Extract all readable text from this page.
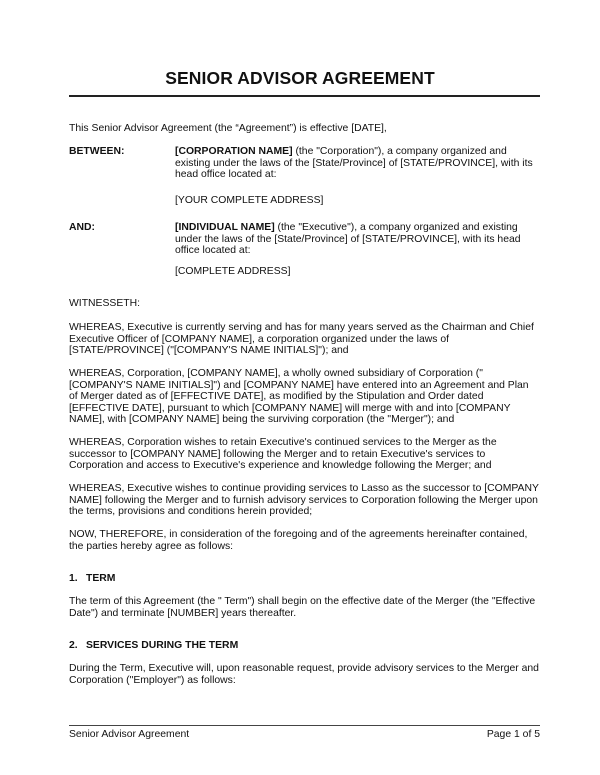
SENIOR ADVISOR AGREEMENT
This Senior Advisor Agreement (the “Agreement”) is effective [DATE],
BETWEEN:	[CORPORATION NAME] (the "Corporation"), a company organized and existing under the laws of the [State/Province] of [STATE/PROVINCE], with its head office located at:
[YOUR COMPLETE ADDRESS]
AND:	[INDIVIDUAL NAME] (the "Executive"), a company organized and existing under the laws of the [State/Province] of [STATE/PROVINCE], with its head office located at:
[COMPLETE ADDRESS]
WITNESSETH:
WHEREAS, Executive is currently serving and has for many years served as the Chairman and Chief Executive Officer of [COMPANY NAME], a corporation organized under the laws of [STATE/PROVINCE] ("[COMPANY'S NAME INITIALS]"); and
WHEREAS, Corporation, [COMPANY NAME], a wholly owned subsidiary of Corporation ("[COMPANY'S NAME INITIALS]") and [COMPANY NAME] have entered into an Agreement and Plan of Merger dated as of [EFFECTIVE DATE], as modified by the Stipulation and Order dated [EFFECTIVE DATE], pursuant to which [COMPANY NAME] will merge with and into [COMPANY NAME], with [COMPANY NAME] being the surviving corporation (the "Merger"); and
WHEREAS, Corporation wishes to retain Executive's continued services to the Merger as the successor to [COMPANY NAME] following the Merger and to retain Executive's services to Corporation and access to Executive's experience and knowledge following the Merger; and
WHEREAS, Executive wishes to continue providing services to Lasso as the successor to [COMPANY NAME] following the Merger and to furnish advisory services to Corporation following the Merger upon the terms, provisions and conditions herein provided;
NOW, THEREFORE, in consideration of the foregoing and of the agreements hereinafter contained, the parties hereby agree as follows:
1. TERM
The term of this Agreement (the " Term") shall begin on the effective date of the Merger (the "Effective Date") and terminate [NUMBER] years thereafter.
2. SERVICES DURING THE TERM
During the Term, Executive will, upon reasonable request, provide advisory services to the Merger and Corporation ("Employer") as follows:
Senior Advisor Agreement	Page 1 of 5
